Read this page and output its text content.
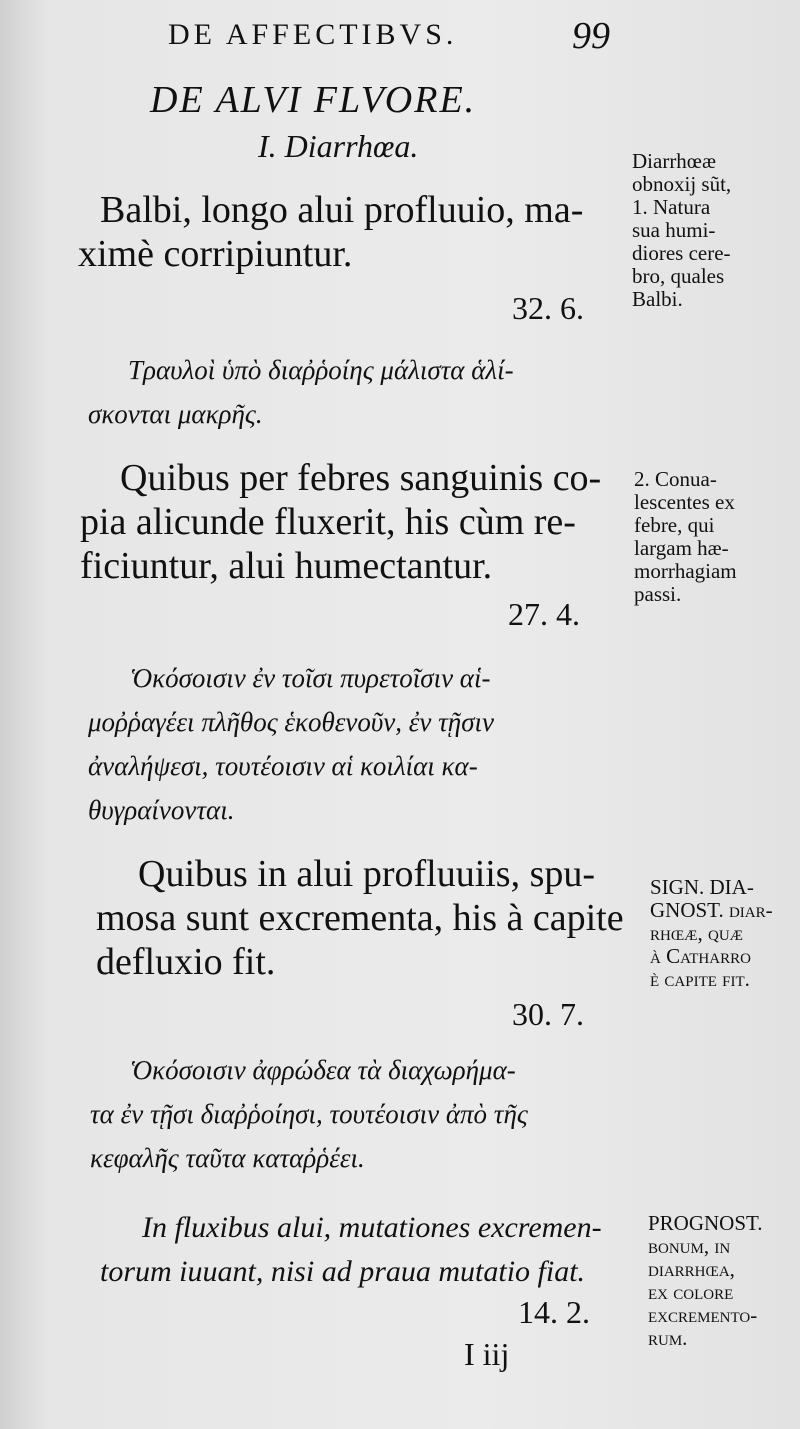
DE AFFECTIBVS.	99
DE ALVI FLVORE.
I. Diarrhœa.
Balbi, longo alui profluuio, ma-
ximè corripiuntur.
32. 6.
Τραυλοὶ ὑπὸ διαῤῥοίης μάλιστα ἁλί-
σκονται μακρῆς.
Quibus per febres sanguinis co-
pia alicunde fluxerit, his cùm re-
ficiuntur, alui humectantur.
27. 4.
Ὁκόσοισιν ἐν τοῖσι πυρετοῖσιν αἱ-
μοῤῥαγέει πλῆθος ἑκοθενοῦν, ἐν τῇσιν
ἀναλήψεσι, τουτέοισιν αἱ κοιλίαι κα-
θυγραίνονται.
Quibus in alui profluuiis, spu-
mosa sunt excrementa, his à capite
defluxio fit.
30. 7.
Ὁκόσοισιν ἀφρώδεα τὰ διαχωρήμα-
τα ἐν τῇσι διαῤῥοίησι, τουτέοισιν ἀπὸ τῆς
κεφαλῆς ταῦτα καταῤῥέει.
In fluxibus alui, mutationes excremen-
torum iuuant, nisi ad praua mutatio fiat.
14. 2.
I iij
Diarrhœæ
obnoxij sũt,
1. Natura
sua humi-
diores cere-
bro, quales
Balbi.
2. Conua-
lescentes ex
febre, qui
largam hæ-
morrhagiam
passi.
SIGN. DIA-
GNOST. diar-
rhœæ, quæ
à Catharro
è capite fit.
PROGNOST.
bonum, in
diarrhœa,
ex colore
excremento-
rum.
